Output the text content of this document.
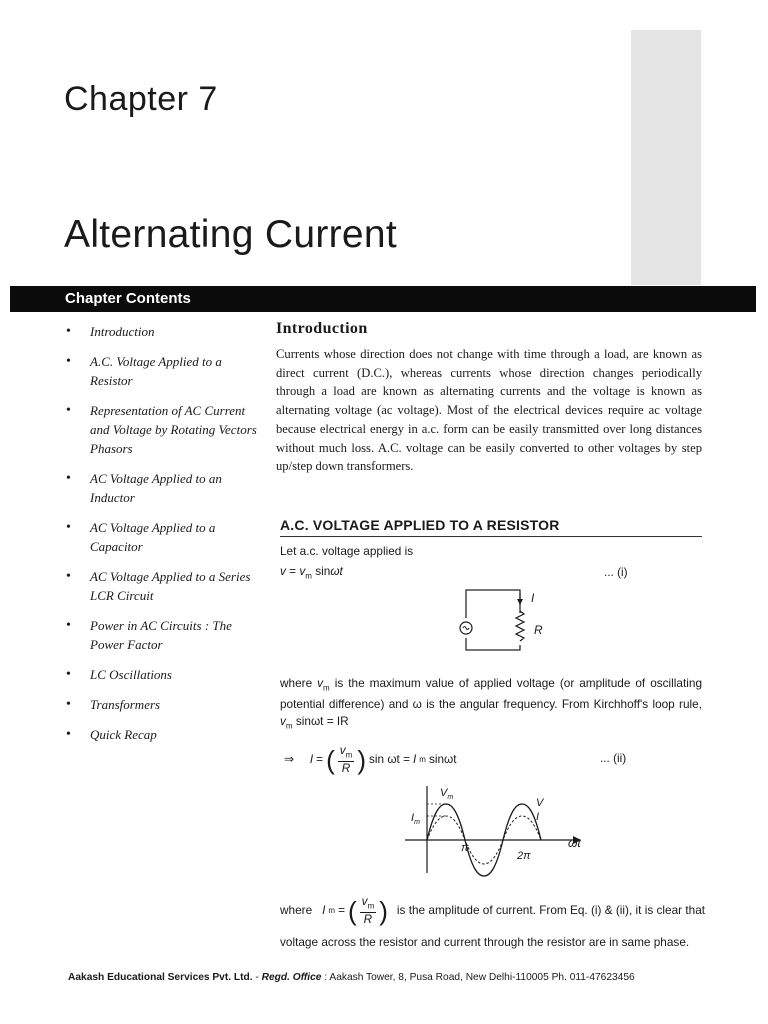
Chapter 7
Alternating Current
Chapter Contents
• Introduction
• A.C. Voltage Applied to a Resistor
• Representation of AC Current and Voltage by Rotating Vectors Phasors
• AC Voltage Applied to an Inductor
• AC Voltage Applied to a Capacitor
• AC Voltage Applied to a Series LCR Circuit
• Power in AC Circuits : The Power Factor
• LC Oscillations
• Transformers
• Quick Recap
Introduction

Currents whose direction does not change with time through a load, are known as direct current (D.C.), whereas currents whose direction changes periodically through a load are known as alternating currents and the voltage is known as alternating voltage (ac voltage). Most of the electrical devices require ac voltage because electrical energy in a.c. form can be easily transmitted over long distances without much loss. A.C. voltage can be easily converted to other voltages by step up/step down transformers.

A.C. VOLTAGE APPLIED TO A RESISTOR
Let a.c. voltage applied is
$v = v_m$ sinωt	... (i)
I
R
where $v_m$ is the maximum value of applied voltage (or amplitude of oscillating potential difference) and ω is the angular frequency. From Kirchhoff's loop rule, $v_m$ sinωt = IR
⇒ I = ( $\frac{v_m}{R}$ ) sin ωt = I m sinωt	... (ii)
$V_m$
$I_m$
V
I
π
2π
ωt
where I m = ( $\frac{v_m}{R}$ ) is the amplitude of current. From Eq. (i) & (ii), it is clear that
voltage across the resistor and current through the resistor are in same phase.
Aakash Educational Services Pvt. Ltd. - Regd. Office : Aakash Tower, 8, Pusa Road, New Delhi-110005 Ph. 011-47623456
